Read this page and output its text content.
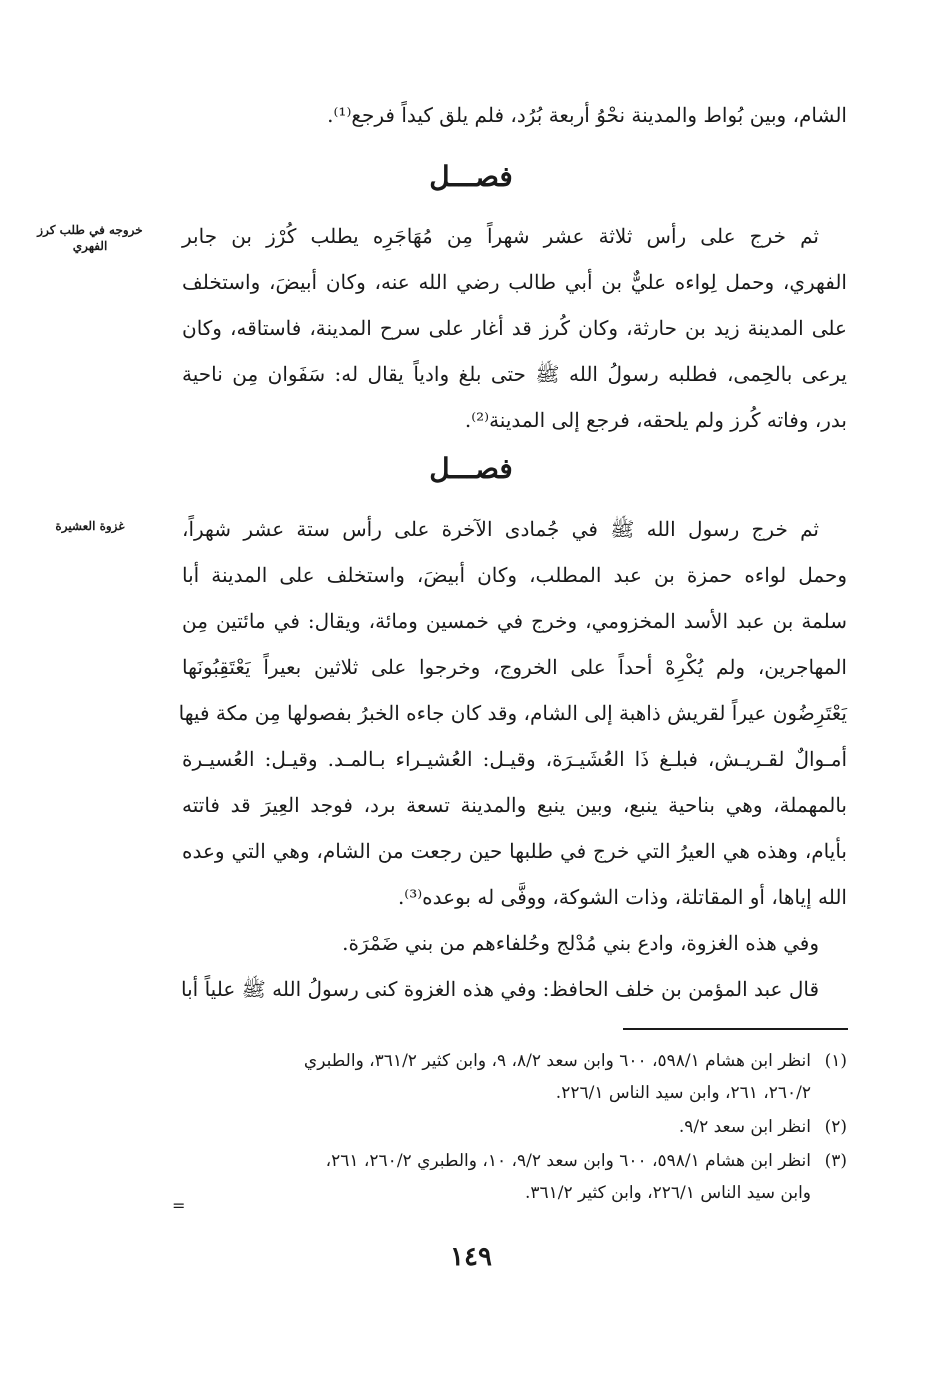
الشام، وبين بُواط والمدينة نحْوُ أربعة بُرُد، فلم يلق كيداً فرجع⁽¹⁾.
فصـــل
خروجه في طلب كرز الفهري	ثم خرج على رأس ثلاثة عشر شهراً مِن مُهَاجَرِه يطلب كُرْز بن جابر
الفهري، وحمل لِواءه عليٌّ بن أبي طالب رضي الله عنه، وكان أبيضَ، واستخلف
على المدينة زيد بن حارثة، وكان كُرز قد أغار على سرح المدينة، فاستاقه، وكان
يرعى بالحِمى، فطلبه رسولُ الله ﷺ حتى بلغ وادياً يقال له: سَفَوان مِن ناحية
بدر، وفاته كُرز ولم يلحقه، فرجع إلى المدينة⁽²⁾.
فصـــل
غزوة العشيرة	ثم خرج رسول الله ﷺ في جُمادى الآخرة على رأس ستة عشر شهراً،
وحمل لواءه حمزة بن عبد المطلب، وكان أبيضَ، واستخلف على المدينة أبا
سلمة بن عبد الأسد المخزومي، وخرج في خمسين ومائة، ويقال: في مائتين مِن
المهاجرين، ولم يُكْرِهْ أحداً على الخروج، وخرجوا على ثلاثين بعيراً يَعْتَقِبُونَها
يَعْتَرِضُون عيراً لقريش ذاهبة إلى الشام، وقد كان جاءه الخبرُ بفصولها مِن مكة فيها
أمـوالٌ لقـريـش، فبلـغ ذَا العُشَيـرَة، وقيـل: العُشيـراء بـالمـد. وقيـل: العُسيـرة
بالمهملة، وهي بناحية ينبع، وبين ينبع والمدينة تسعة برد، فوجد العِيرَ قد فاتته
بأيام، وهذه هي العيرُ التي خرج في طلبها حين رجعت من الشام، وهي التي وعده
الله إياها، أو المقاتلة، وذات الشوكة، ووفَّى له بوعده⁽³⁾.
وفي هذه الغزوة، وادع بني مُدْلج وحُلفاءهم من بني ضَمْرَة.
قال عبد المؤمن بن خلف الحافظ: وفي هذه الغزوة كنى رسولُ الله ﷺ علياً أبا
(١)
انظر ابن هشام ٥٩٨/١، ٦٠٠ وابن سعد ٨/٢، ٩، وابن كثير ٣٦١/٢، والطبري
٢٦٠/٢، ٢٦١، وابن سيد الناس ٢٢٦/١.
(٢)
انظر ابن سعد ٩/٢.
(٣)
انظر ابن هشام ٥٩٨/١، ٦٠٠ وابن سعد ٩/٢، ١٠، والطبري ٢٦٠/٢، ٢٦١،
وابن سيد الناس ٢٢٦/١، وابن كثير ٣٦١/٢.
=
١٤٩
